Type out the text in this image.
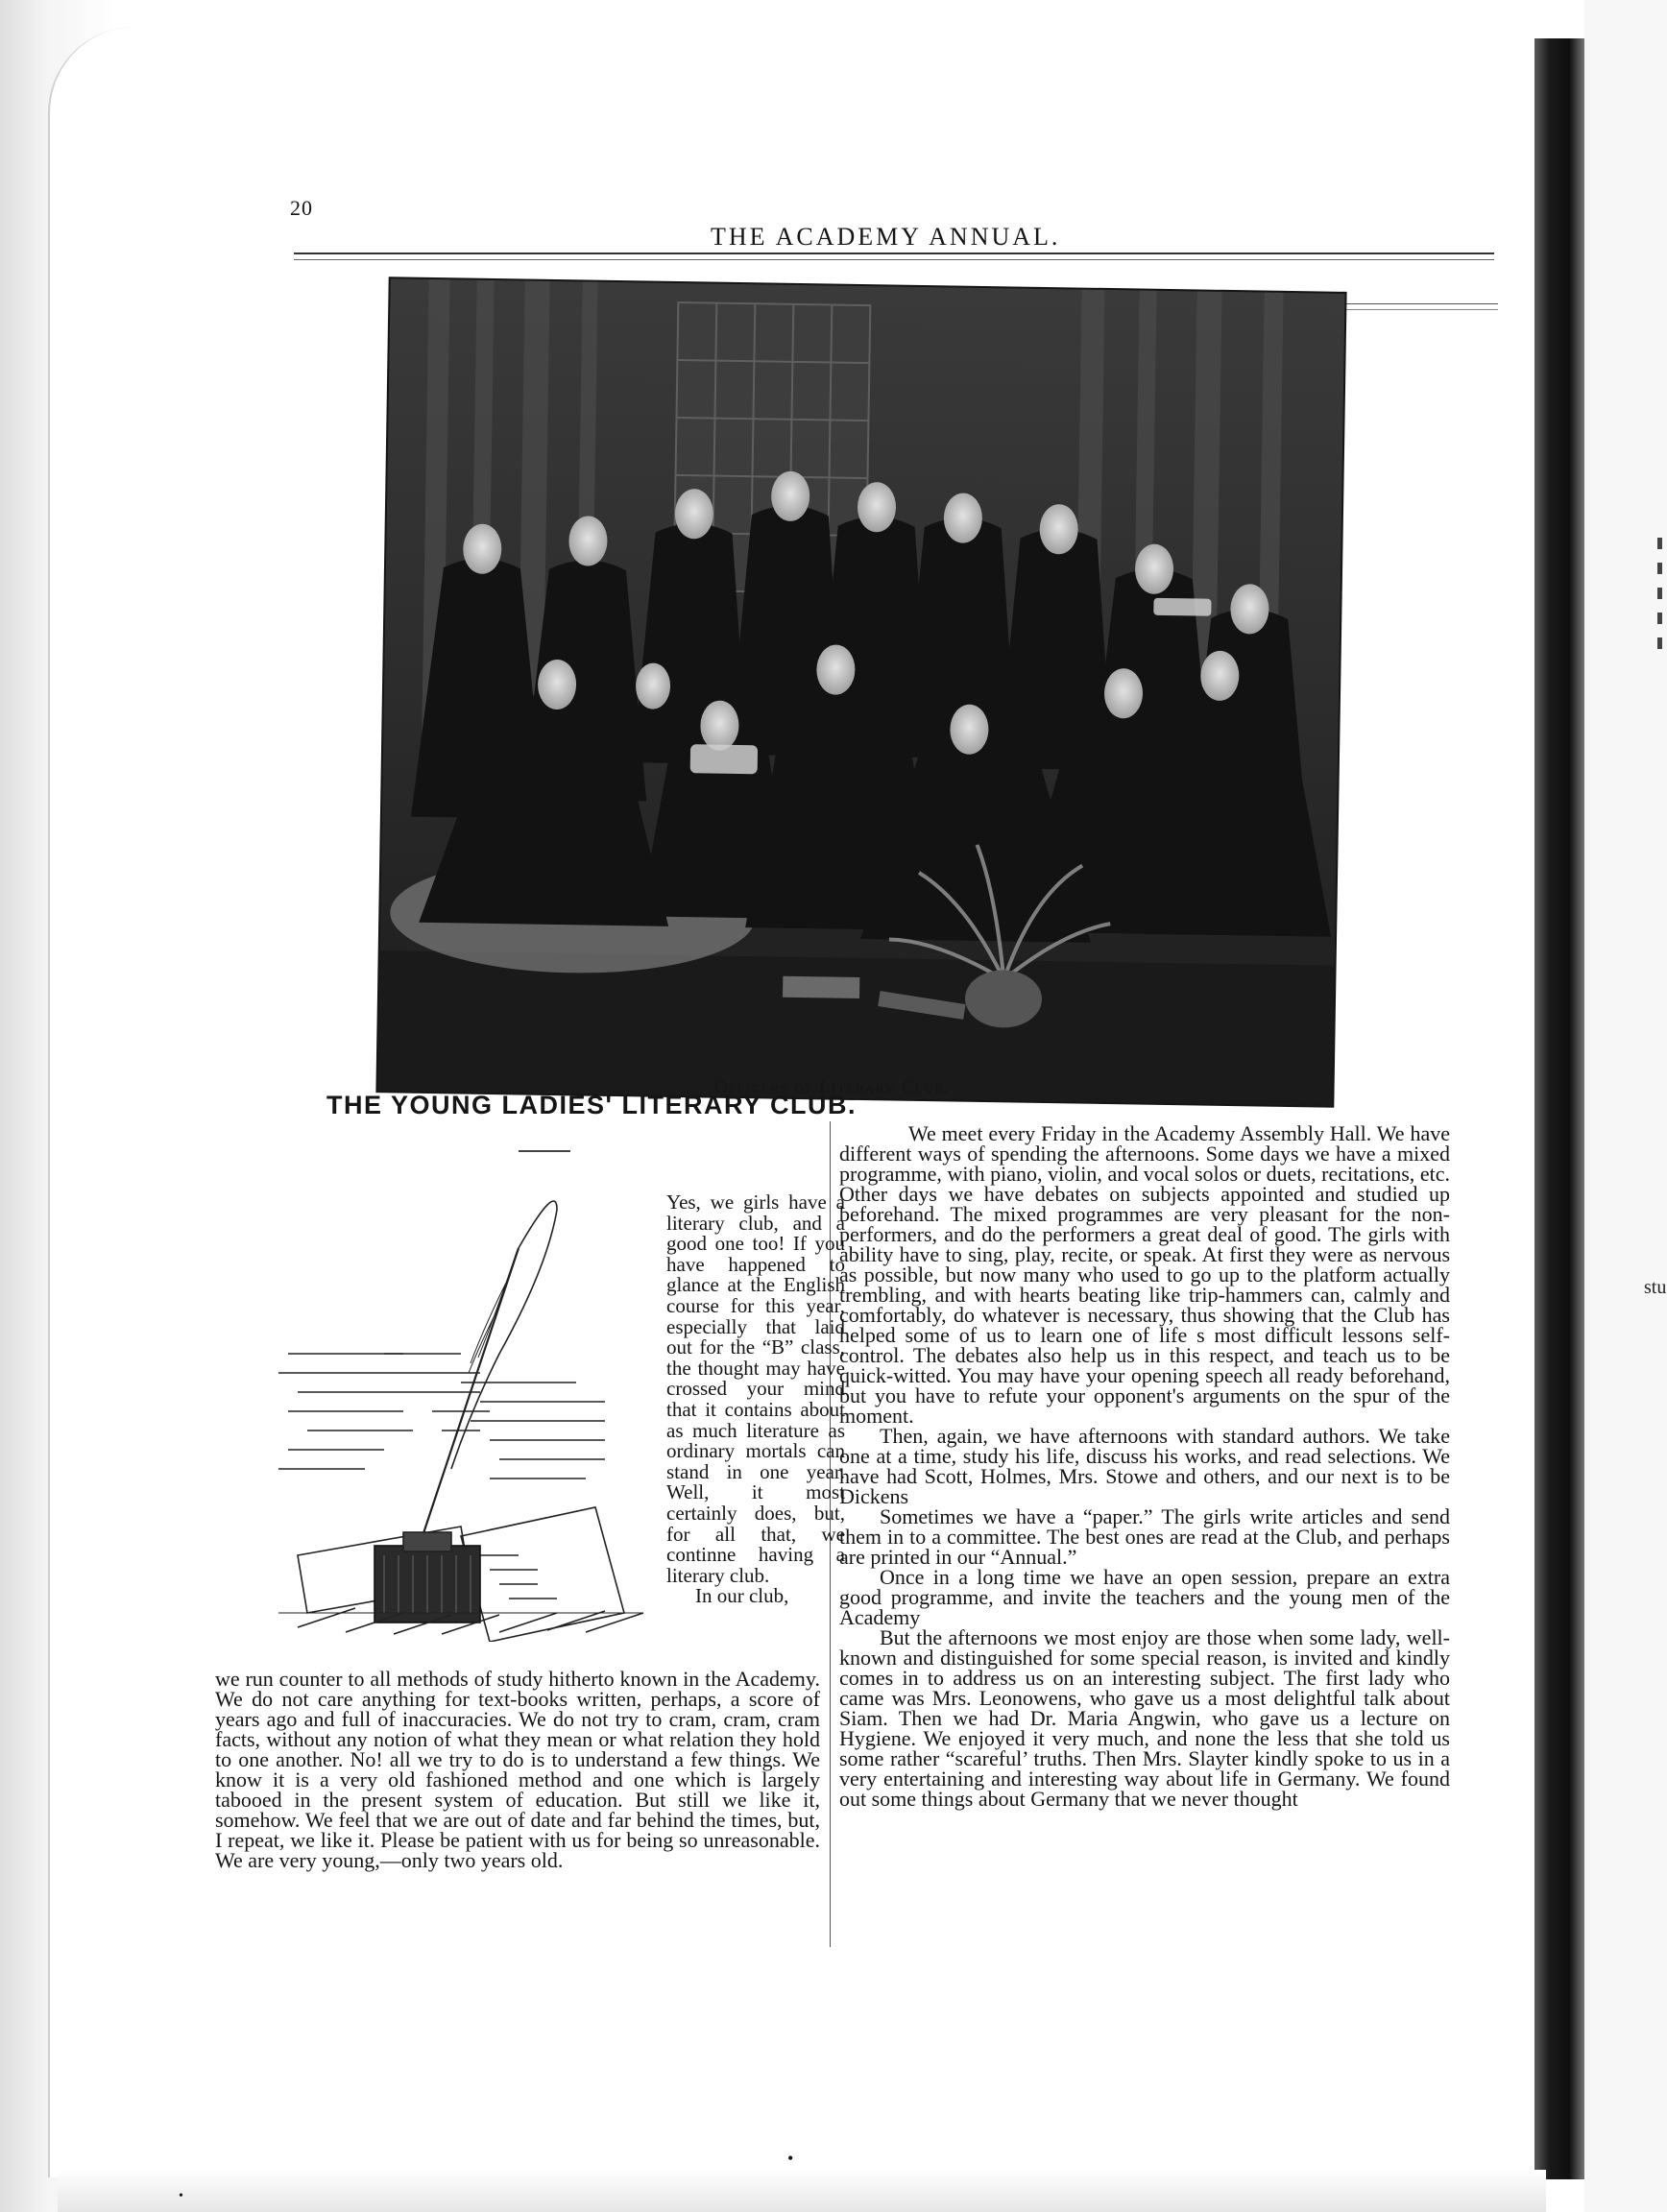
stu
20
THE ACADEMY ANNUAL.
Officers of Literary Club.
THE YOUNG LADIES' LITERARY CLUB.

Yes, we girls have a literary club, and a good one too! If you have happened to glance at the English course for this year, especially that laid out for the “B” class, the thought may have crossed your mind that it contains about as much literature as ordinary mortals can stand in one year. Well, it most certainly does, but, for all that, we continne having a literary club.

In our club,

we run counter to all methods of study hitherto known in the Academy. We do not care anything for text-books written, perhaps, a score of years ago and full of inaccuracies. We do not try to cram, cram, cram facts, without any notion of what they mean or what relation they hold to one another. No! all we try to do is to understand a few things. We know it is a very old fashioned method and one which is largely tabooed in the present system of education. But still we like it, somehow. We feel that we are out of date and far behind the times, but, I repeat, we like it. Please be patient with us for being so unreasonable. We are very young,—only two years old.

We meet every Friday in the Academy Assembly Hall. We have different ways of spending the afternoons. Some days we have a mixed programme, with piano, violin, and vocal solos or duets, recitations, etc. Other days we have debates on subjects appointed and studied up beforehand. The mixed programmes are very pleasant for the non-performers, and do the performers a great deal of good. The girls with ability have to sing, play, recite, or speak. At first they were as nervous as possible, but now many who used to go up to the platform actually trembling, and with hearts beating like trip-hammers can, calmly and comfortably, do whatever is necessary, thus showing that the Club has helped some of us to learn one of life s most difficult lessons self-control. The debates also help us in this respect, and teach us to be quick-witted. You may have your opening speech all ready beforehand, but you have to refute your opponent's arguments on the spur of the moment.

Then, again, we have afternoons with standard authors. We take one at a time, study his life, discuss his works, and read selections. We have had Scott, Holmes, Mrs. Stowe and others, and our next is to be Dickens

Sometimes we have a “paper.” The girls write articles and send them in to a committee. The best ones are read at the Club, and perhaps are printed in our “Annual.”

Once in a long time we have an open session, prepare an extra good programme, and invite the teachers and the young men of the Academy

But the afternoons we most enjoy are those when some lady, well-known and distinguished for some special reason, is invited and kindly comes in to address us on an interesting subject. The first lady who came was Mrs. Leonowens, who gave us a most delightful talk about Siam. Then we had Dr. Maria Angwin, who gave us a lecture on Hygiene. We enjoyed it very much, and none the less that she told us some rather “scareful’ truths. Then Mrs. Slayter kindly spoke to us in a very entertaining and interesting way about life in Germany. We found out some things about Germany that we never thought

•
•
